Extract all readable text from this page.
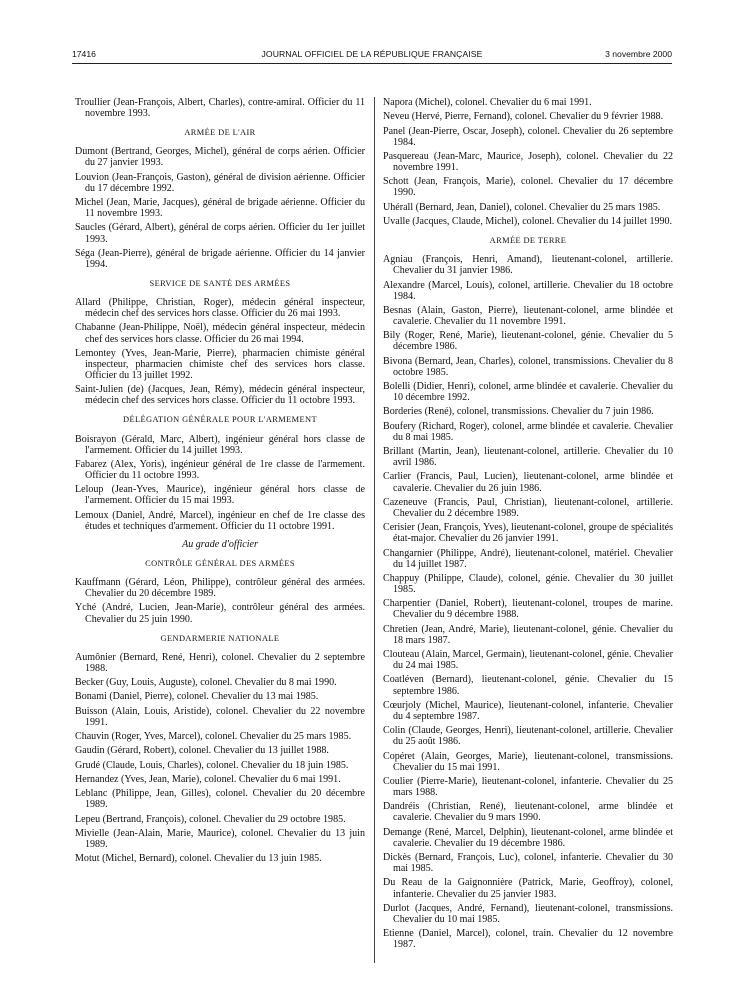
17416	JOURNAL OFFICIEL DE LA RÉPUBLIQUE FRANÇAISE	3 novembre 2000

Troullier (Jean-François, Albert, Charles), contre-amiral. Officier du 11 novembre 1993.

ARMÉE DE L'AIR

Dumont (Bertrand, Georges, Michel), général de corps aérien. Officier du 27 janvier 1993.

Louvion (Jean-François, Gaston), général de division aérienne. Officier du 17 décembre 1992.

Michel (Jean, Marie, Jacques), général de brigade aérienne. Officier du 11 novembre 1993.

Saucles (Gérard, Albert), général de corps aérien. Officier du 1er juillet 1993.

Séga (Jean-Pierre), général de brigade aérienne. Officier du 14 janvier 1994.

SERVICE DE SANTÉ DES ARMÉES

Allard (Philippe, Christian, Roger), médecin général inspecteur, médecin chef des services hors classe. Officier du 26 mai 1993.

Chabanne (Jean-Philippe, Noël), médecin général inspecteur, médecin chef des services hors classe. Officier du 26 mai 1994.

Lemontey (Yves, Jean-Marie, Pierre), pharmacien chimiste général inspecteur, pharmacien chimiste chef des services hors classe. Officier du 13 juillet 1992.

Saint-Julien (de) (Jacques, Jean, Rémy), médecin général inspecteur, médecin chef des services hors classe. Officier du 11 octobre 1993.

DÉLÉGATION GÉNÉRALE POUR L'ARMEMENT

Boisrayon (Gérald, Marc, Albert), ingénieur général hors classe de l'armement. Officier du 14 juillet 1993.

Fabarez (Alex, Yoris), ingénieur général de 1re classe de l'armement. Officier du 11 octobre 1993.

Leloup (Jean-Yves, Maurice), ingénieur général hors classe de l'armement. Officier du 15 mai 1993.

Lemoux (Daniel, André, Marcel), ingénieur en chef de 1re classe des études et techniques d'armement. Officier du 11 octobre 1991.

Au grade d'officier

CONTRÔLE GÉNÉRAL DES ARMÉES

Kauffmann (Gérard, Léon, Philippe), contrôleur général des armées. Chevalier du 20 décembre 1989.

Yché (André, Lucien, Jean-Marie), contrôleur général des armées. Chevalier du 25 juin 1990.

GENDARMERIE NATIONALE

Aumônier (Bernard, René, Henri), colonel. Chevalier du 2 septembre 1988.

Becker (Guy, Louis, Auguste), colonel. Chevalier du 8 mai 1990.

Bonami (Daniel, Pierre), colonel. Chevalier du 13 mai 1985.

Buisson (Alain, Louis, Aristide), colonel. Chevalier du 22 novembre 1991.

Chauvin (Roger, Yves, Marcel), colonel. Chevalier du 25 mars 1985.

Gaudin (Gérard, Robert), colonel. Chevalier du 13 juillet 1988.

Grudé (Claude, Louis, Charles), colonel. Chevalier du 18 juin 1985.

Hernandez (Yves, Jean, Marie), colonel. Chevalier du 6 mai 1991.

Leblanc (Philippe, Jean, Gilles), colonel. Chevalier du 20 décembre 1989.

Lepeu (Bertrand, François), colonel. Chevalier du 29 octobre 1985.

Mivielle (Jean-Alain, Marie, Maurice), colonel. Chevalier du 13 juin 1989.

Motut (Michel, Bernard), colonel. Chevalier du 13 juin 1985.

Napora (Michel), colonel. Chevalier du 6 mai 1991.

Neveu (Hervé, Pierre, Fernand), colonel. Chevalier du 9 février 1988.

Panel (Jean-Pierre, Oscar, Joseph), colonel. Chevalier du 26 septembre 1984.

Pasquereau (Jean-Marc, Maurice, Joseph), colonel. Chevalier du 22 novembre 1991.

Schott (Jean, François, Marie), colonel. Chevalier du 17 décembre 1990.

Uhérall (Bernard, Jean, Daniel), colonel. Chevalier du 25 mars 1985.

Uvalle (Jacques, Claude, Michel), colonel. Chevalier du 14 juillet 1990.

ARMÉE DE TERRE

Agniau (François, Henri, Amand), lieutenant-colonel, artillerie. Chevalier du 31 janvier 1986.

Alexandre (Marcel, Louis), colonel, artillerie. Chevalier du 18 octobre 1984.

Besnas (Alain, Gaston, Pierre), lieutenant-colonel, arme blindée et cavalerie. Chevalier du 11 novembre 1991.

Bily (Roger, René, Marie), lieutenant-colonel, génie. Chevalier du 5 décembre 1986.

Bivona (Bernard, Jean, Charles), colonel, transmissions. Chevalier du 8 octobre 1985.

Bolelli (Didier, Henri), colonel, arme blindée et cavalerie. Chevalier du 10 décembre 1992.

Borderies (René), colonel, transmissions. Chevalier du 7 juin 1986.

Boufery (Richard, Roger), colonel, arme blindée et cavalerie. Chevalier du 8 mai 1985.

Brillant (Martin, Jean), lieutenant-colonel, artillerie. Chevalier du 10 avril 1986.

Carlier (Francis, Paul, Lucien), lieutenant-colonel, arme blindée et cavalerie. Chevalier du 26 juin 1986.

Cazeneuve (Francis, Paul, Christian), lieutenant-colonel, artillerie. Chevalier du 2 décembre 1989.

Cerisier (Jean, François, Yves), lieutenant-colonel, groupe de spécialités état-major. Chevalier du 26 janvier 1991.

Changarnier (Philippe, André), lieutenant-colonel, matériel. Chevalier du 14 juillet 1987.

Chappuy (Philippe, Claude), colonel, génie. Chevalier du 30 juillet 1985.

Charpentier (Daniel, Robert), lieutenant-colonel, troupes de marine. Chevalier du 9 décembre 1988.

Chretien (Jean, André, Marie), lieutenant-colonel, génie. Chevalier du 18 mars 1987.

Clouteau (Alain, Marcel, Germain), lieutenant-colonel, génie. Chevalier du 24 mai 1985.

Coatléven (Bernard), lieutenant-colonel, génie. Chevalier du 15 septembre 1986.

Cœurjoly (Michel, Maurice), lieutenant-colonel, infanterie. Chevalier du 4 septembre 1987.

Colin (Claude, Georges, Henri), lieutenant-colonel, artillerie. Chevalier du 25 août 1986.

Copéret (Alain, Georges, Marie), lieutenant-colonel, transmissions. Chevalier du 15 mai 1991.

Coulier (Pierre-Marie), lieutenant-colonel, infanterie. Chevalier du 25 mars 1988.

Dandréis (Christian, René), lieutenant-colonel, arme blindée et cavalerie. Chevalier du 9 mars 1990.

Demange (René, Marcel, Delphin), lieutenant-colonel, arme blindée et cavalerie. Chevalier du 19 décembre 1986.

Dickès (Bernard, François, Luc), colonel, infanterie. Chevalier du 30 mai 1985.

Du Reau de la Gaignonnière (Patrick, Marie, Geoffroy), colonel, infanterie. Chevalier du 25 janvier 1983.

Durlot (Jacques, André, Fernand), lieutenant-colonel, transmissions. Chevalier du 10 mai 1985.

Etienne (Daniel, Marcel), colonel, train. Chevalier du 12 novembre 1987.
